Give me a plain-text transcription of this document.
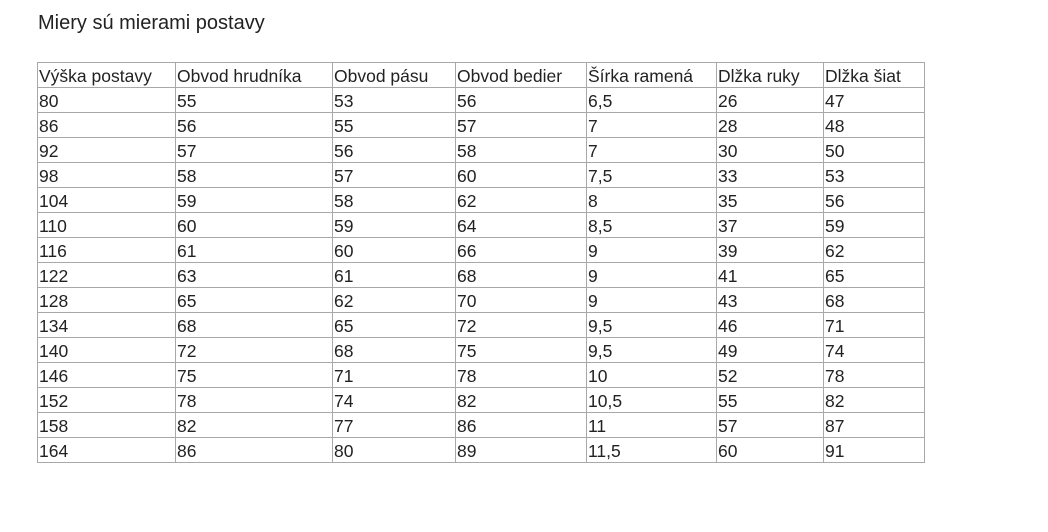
Miery sú mierami postavy
Výška postavy	Obvod hrudníka	Obvod pásu	Obvod bedier	Šírka ramená	Dlžka ruky	Dlžka šiat
80	55	53	56	6,5	26	47
86	56	55	57	7	28	48
92	57	56	58	7	30	50
98	58	57	60	7,5	33	53
104	59	58	62	8	35	56
110	60	59	64	8,5	37	59
116	61	60	66	9	39	62
122	63	61	68	9	41	65
128	65	62	70	9	43	68
134	68	65	72	9,5	46	71
140	72	68	75	9,5	49	74
146	75	71	78	10	52	78
152	78	74	82	10,5	55	82
158	82	77	86	11	57	87
164	86	80	89	11,5	60	91
